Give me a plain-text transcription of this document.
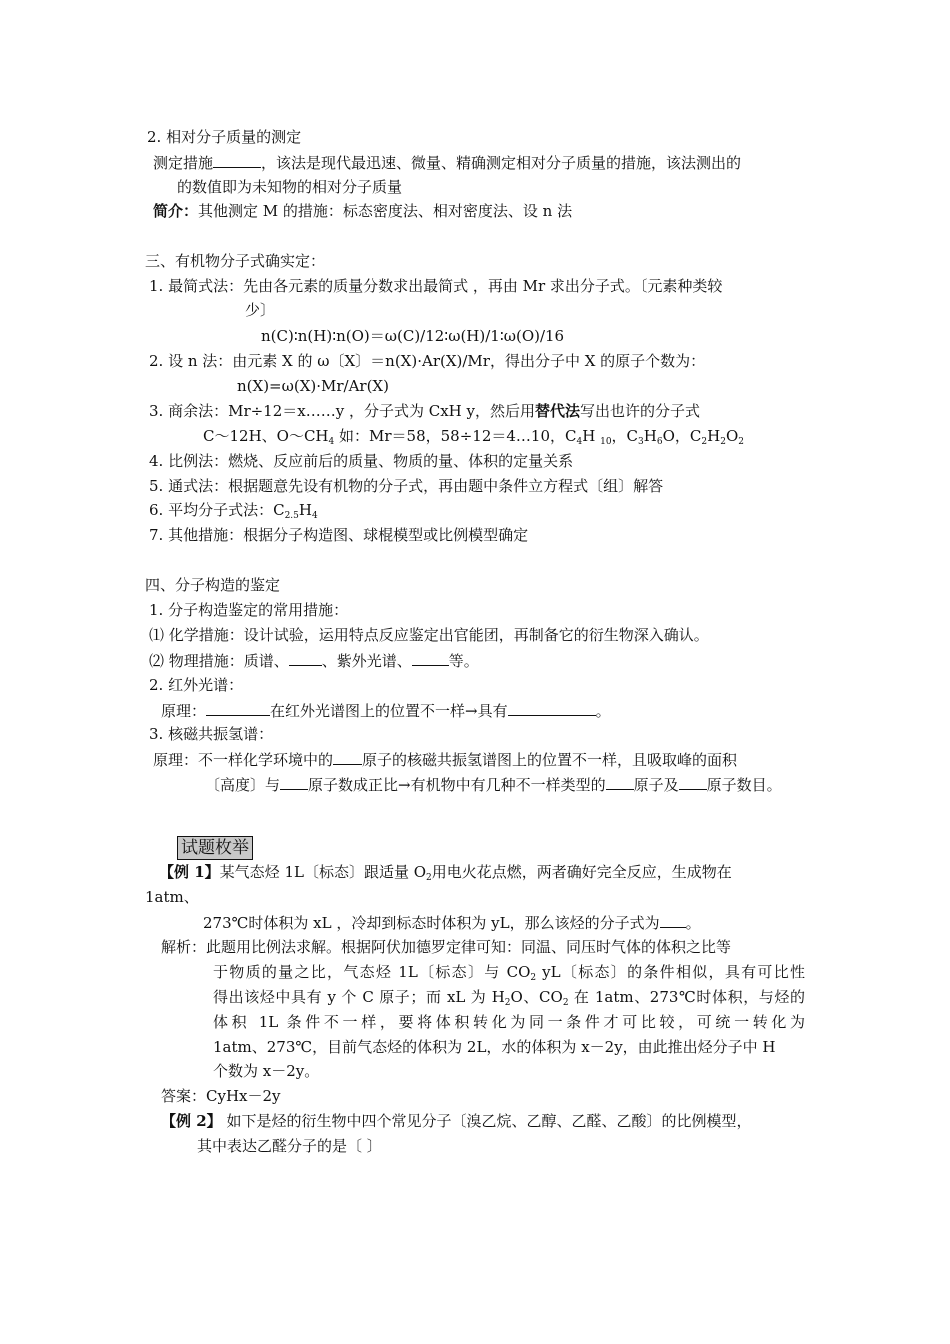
2. 相对分子质量的测定
测定措施	，该法是现代最迅速、微量、精确测定相对分子质量的措施，该法测出的
的数值即为未知物的相对分子质量
简介：其他测定 M 的措施：标态密度法、相对密度法、设 n 法
三、有机物分子式确实定：
1. 最简式法：先由各元素的质量分数求出最简式 ，再由 Mr 求出分子式。〔元素种类较
少〕
n(C)∶n(H)∶n(O)＝ω(C)/12∶ω(H)/1∶ω(O)/16
2. 设 n 法：由元素 X 的 ω〔X〕＝n(X)·Ar(X)/Mr，得出分子中 X 的原子个数为：
n(X)=ω(X)·Mr/Ar(X)
3. 商余法：Mr÷12＝x……y ，分子式为 CxH y，然后用替代法写出也许的分子式
C～12H、$O\sim CH_4$ 如：Mr＝58，58÷12＝4…10，$C_4H$ $_{10}$，$C_3H_6O$，$C_2H_2O_2$
4. 比例法：燃烧、反应前后的质量、物质的量、体积的定量关系
5. 通式法：根据题意先设有机物的分子式，再由题中条件立方程式〔组〕解答
6. 平均分子式法：$C_{2.5}H_4$
7. 其他措施：根据分子构造图、球棍模型或比例模型确定
四、分子构造的鉴定
1. 分子构造鉴定的常用措施：
⑴ 化学措施：设计试验，运用特点反应鉴定出官能团，再制备它的衍生物深入确认。
⑵ 物理措施：质谱、 、紫外光谱、 等。
2. 红外光谱：
原理：	在红外光谱图上的位置不一样→具有	。
3. 核磁共振氢谱：
原理：不一样化学环境中的 原子的核磁共振氢谱图上的位置不一样，且吸取峰的面积
〔高度〕与 原子数成正比→有机物中有几种不一样类型的 原子及 原子数目。
试题枚举
【例 1】某气态烃 1L〔标态〕跟适量 $O_2$用电火花点燃，两者确好完全反应，生成物在
1atm、
273℃时体积为 xL ，冷却到标态时体积为 yL，那么该烃的分子式为 。
解析：此题用比例法求解。根据阿伏加德罗定律可知：同温、同压时气体的体积之比等
于物质的量之比，气态烃 1L〔标态〕与 $CO_2$ yL〔标态〕的条件相似，具有可比性
得出该烃中具有 y 个 C 原子；而 xL 为 $H_2O$、$CO_2$ 在 1atm、273℃时体积，与烃的
体积 1L 条件不一样，要将体积转化为同一条件才可比较，可统一转化为
1atm、273℃，目前气态烃的体积为 2L，水的体积为 x－2y，由此推出烃分子中 H
个数为 x－2y。
答案：CyHx－2y
【例 2】 如下是烃的衍生物中四个常见分子〔溴乙烷、乙醇、乙醛、乙酸〕的比例模型，
其中表达乙醛分子的是〔 〕
